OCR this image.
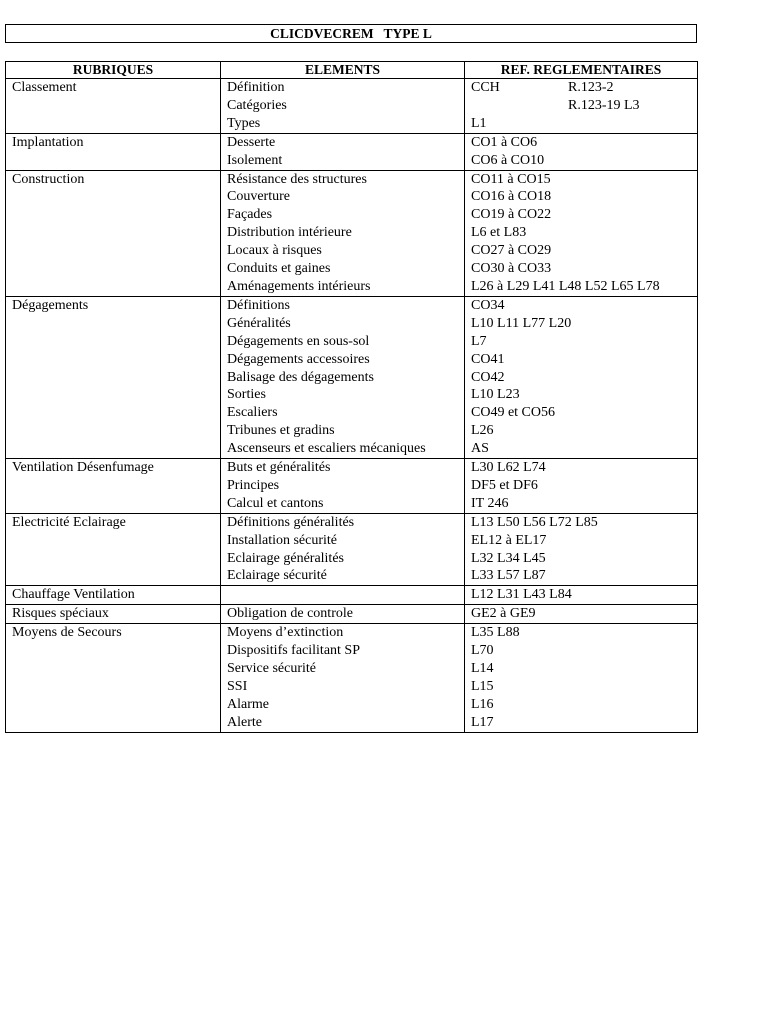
CLICDVECREM   TYPE L
RUBRIQUES	ELEMENTS	REF. REGLEMENTAIRES
Classement	Définition	CCH R.123-2

	Catégories	R.123-19 L3

	Types	L1
Implantation	Desserte	CO1 à CO6
	Isolement	CO6 à CO10
Construction	Résistance des structures	CO11 à CO15
	Couverture	CO16 à CO18
	Façades	CO19 à CO22
	Distribution intérieure	L6 et L83
	Locaux à risques	CO27 à CO29
	Conduits et gaines	CO30 à CO33
	Aménagements intérieurs	L26 à L29 L41 L48 L52 L65 L78
Dégagements	Définitions	CO34
	Généralités	L10 L11 L77 L20
	Dégagements en sous-sol	L7
	Dégagements accessoires	CO41
	Balisage des dégagements	CO42
	Sorties	L10 L23
	Escaliers	CO49 et CO56
	Tribunes et gradins	L26
	Ascenseurs et escaliers mécaniques	AS
Ventilation Désenfumage	Buts et généralités	L30 L62 L74
	Principes	DF5 et DF6
	Calcul et cantons	IT 246
Electricité Eclairage	Définitions généralités	L13 L50 L56 L72 L85
	Installation sécurité	EL12 à EL17
	Eclairage généralités	L32 L34 L45
	Eclairage sécurité	L33 L57 L87
Chauffage Ventilation		L12 L31 L43 L84
Risques spéciaux	Obligation de controle	GE2 à GE9
Moyens de Secours	Moyens d’extinction	L35 L88
	Dispositifs facilitant SP	L70
	Service sécurité	L14
	SSI	L15
	Alarme	L16
	Alerte	L17
